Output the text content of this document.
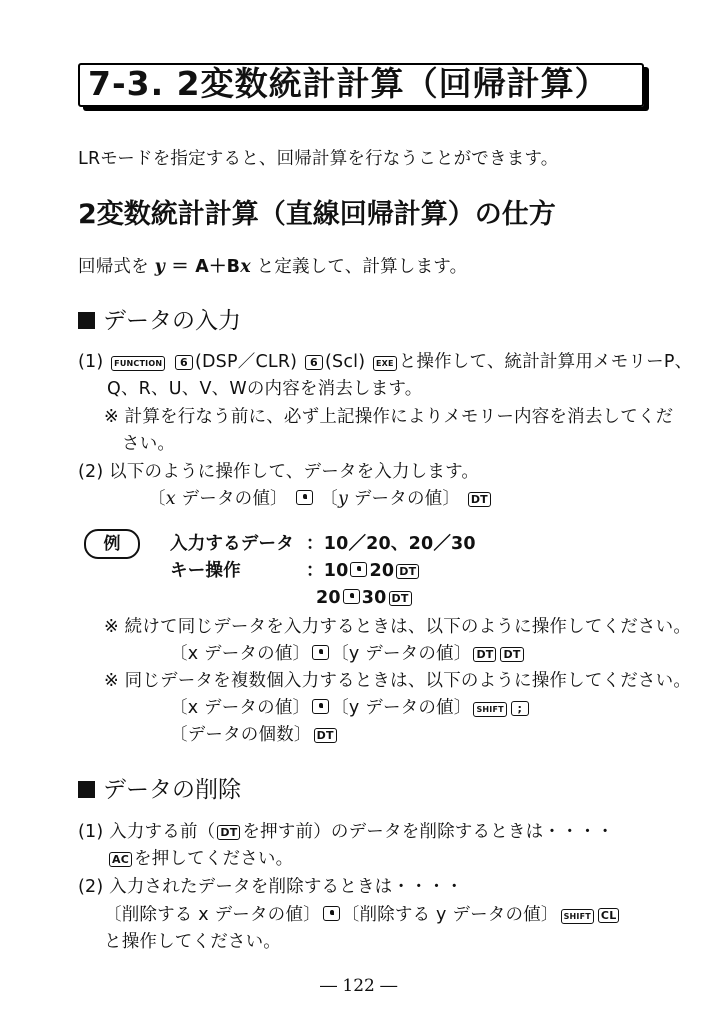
7-3. 2変数統計計算（回帰計算）
LRモードを指定すると、回帰計算を行なうことができます。
2変数統計計算（直線回帰計算）の仕方
回帰式を y ＝ A＋Bx と定義して、計算します。
データの入力
(1) FUNCTION 6 (DSP／CLR) 6 (Scl) EXE と操作して、統計計算用メモリーP、
Q、R、U、V、Wの内容を消去します。
※ 計算を行なう前に、必ず上記操作によりメモリー内容を消去してくだ
さい。
(2) 以下のように操作して、データを入力します。
〔x データの値〕 〔y データの値〕 DT
例	入力するデータ ：10／20、20／30
キー操作	：10 20 DT
20 30 DT
※ 続けて同じデータを入力するときは、以下のように操作してください。
〔x データの値〕 〔y データの値〕 DT DT
※ 同じデータを複数個入力するときは、以下のように操作してください。
〔x データの値〕 〔y データの値〕 SHIFT ;
〔データの個数〕 DT
データの削除
(1) 入力する前（ DT を押す前）のデータを削除するときは・・・・
AC を押してください。
(2) 入力されたデータを削除するときは・・・・
〔削除する x データの値〕 〔削除する y データの値〕 SHIFT CL
と操作してください。
― 122 ―
